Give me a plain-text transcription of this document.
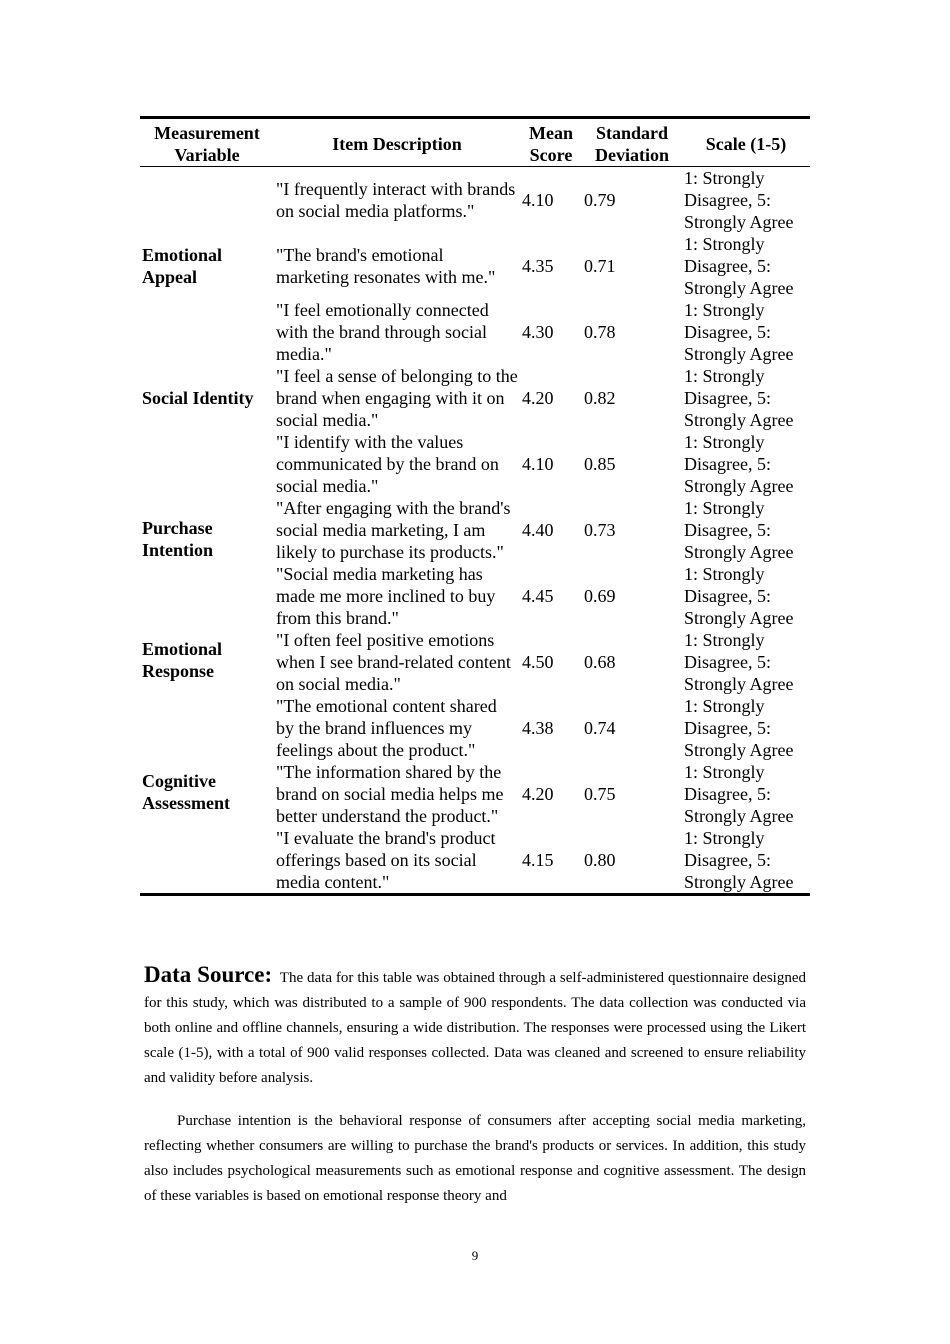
Measurement Variable	Item Description	Mean Score	Standard Deviation	Scale (1-5)
Emotional Appeal	"I frequently interact with brands on social media platforms."	4.10	0.79	1: Strongly Disagree, 5: Strongly Agree
	"The brand's emotional marketing resonates with me."	4.35	0.71	1: Strongly Disagree, 5: Strongly Agree
	"I feel emotionally connected with the brand through social media."	4.30	0.78	1: Strongly Disagree, 5: Strongly Agree
Social Identity	"I feel a sense of belonging to the brand when engaging with it on social media."	4.20	0.82	1: Strongly Disagree, 5: Strongly Agree
	"I identify with the values communicated by the brand on social media."	4.10	0.85	1: Strongly Disagree, 5: Strongly Agree
Purchase Intention	"After engaging with the brand's social media marketing, I am likely to purchase its products."	4.40	0.73	1: Strongly Disagree, 5: Strongly Agree
	"Social media marketing has made me more inclined to buy from this brand."	4.45	0.69	1: Strongly Disagree, 5: Strongly Agree
Emotional Response	"I often feel positive emotions when I see brand-related content on social media."	4.50	0.68	1: Strongly Disagree, 5: Strongly Agree
	"The emotional content shared by the brand influences my feelings about the product."	4.38	0.74	1: Strongly Disagree, 5: Strongly Agree
Cognitive Assessment	"The information shared by the brand on social media helps me better understand the product."	4.20	0.75	1: Strongly Disagree, 5: Strongly Agree
	"I evaluate the brand's product offerings based on its social media content."	4.15	0.80	1: Strongly Disagree, 5: Strongly Agree
Data Source: The data for this table was obtained through a self-administered questionnaire designed for this study, which was distributed to a sample of 900 respondents. The data collection was conducted via both online and offline channels, ensuring a wide distribution. The responses were processed using the Likert scale (1-5), with a total of 900 valid responses collected. Data was cleaned and screened to ensure reliability and validity before analysis.
Purchase intention is the behavioral response of consumers after accepting social media marketing, reflecting whether consumers are willing to purchase the brand's products or services. In addition, this study also includes psychological measurements such as emotional response and cognitive assessment. The design of these variables is based on emotional response theory and
9
